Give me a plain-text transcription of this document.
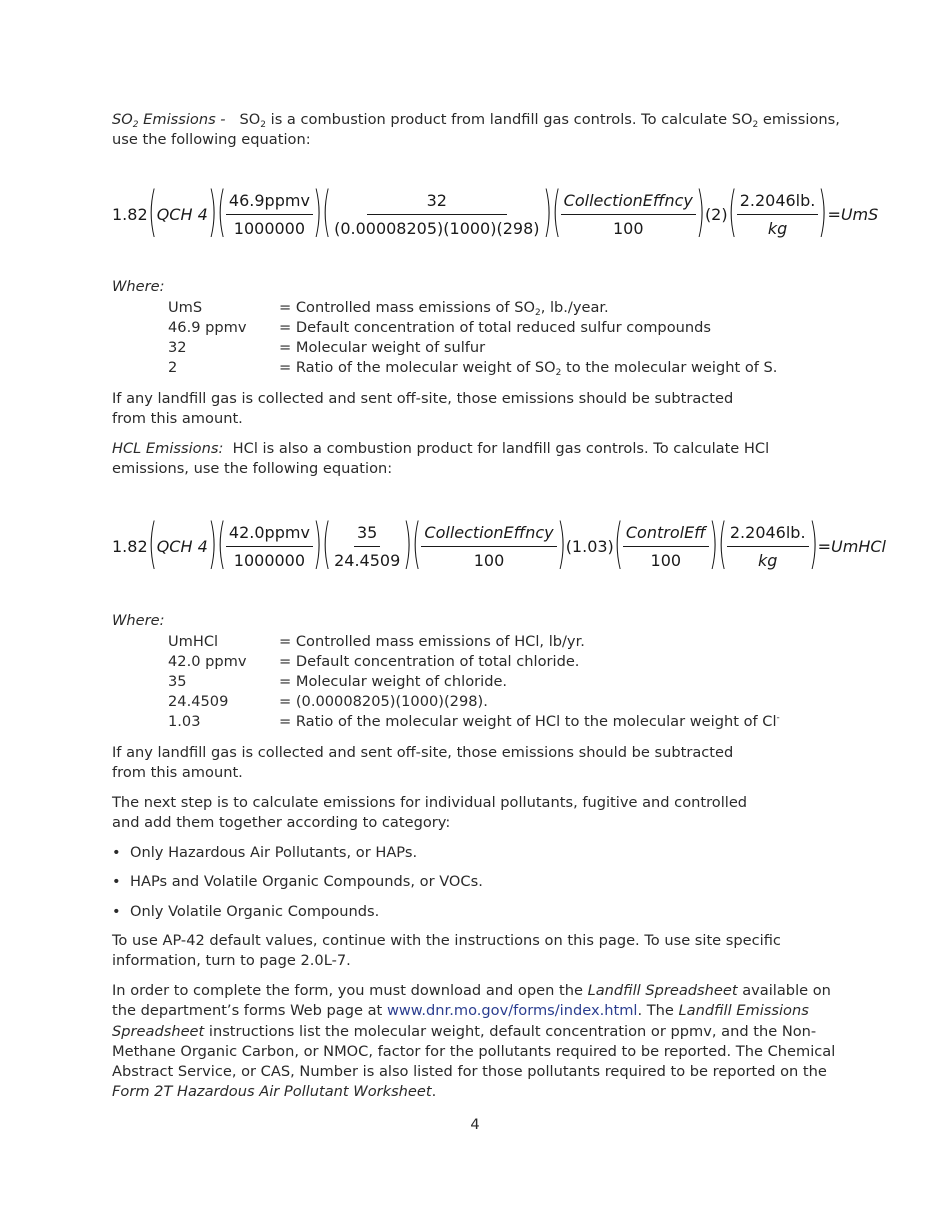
$SO_2$ Emissions - $SO_2$ is a combustion product from landfill gas controls. To calculate $SO_2$ emissions, use the following equation:
1.82 ( QCH 4 ) ( $\frac{\text{46.9ppmv}}{1000000}$ ) ( $\frac{32}{(0.00008205)(1000)(298)}$ ) ( $\frac{\text{CollectionEffncy}}{100}$ ) (2) ( $\frac{2.2046lb.}{kg}$ ) =UmS
Where:
UmS	= Controlled mass emissions of $SO_2$, lb./year.
46.9 ppmv = Default concentration of total reduced sulfur compounds
32	= Molecular weight of sulfur
2	= Ratio of the molecular weight of $SO_2$ to the molecular weight of S.
If any landfill gas is collected and sent off-site, those emissions should be subtracted from this amount.
HCL Emissions: HCl is also a combustion product for landfill gas controls. To calculate HCl emissions, use the following equation:
1.82 ( QCH 4 ) ( $\frac{\text{42.0ppmv}}{1000000}$ ) ( $\frac{35}{24.4509}$ ) ( $\frac{\text{CollectionEffncy}}{100}$ ) (1.03) ( $\frac{\text{ControlEff}}{100}$ ) ( $\frac{2.2046lb.}{kg}$ ) =UmHCl
Where:
UmHCl	= Controlled mass emissions of HCl, lb/yr.
42.0 ppmv = Default concentration of total chloride.
35	= Molecular weight of chloride.
24.4509	= (0.00008205)(1000)(298).
1.03	= Ratio of the molecular weight of HCl to the molecular weight of Cl-
If any landfill gas is collected and sent off-site, those emissions should be subtracted from this amount.
The next step is to calculate emissions for individual pollutants, fugitive and controlled and add them together according to category:
• Only Hazardous Air Pollutants, or HAPs.
• HAPs and Volatile Organic Compounds, or VOCs.
• Only Volatile Organic Compounds.
To use AP-42 default values, continue with the instructions on this page. To use site specific information, turn to page 2.0L-7.
In order to complete the form, you must download and open the Landfill Spreadsheet available on the department’s forms Web page at www.dnr.mo.gov/forms/index.html. The Landfill Emissions Spreadsheet instructions list the molecular weight, default concentration or ppmv, and the Non-Methane Organic Carbon, or NMOC, factor for the pollutants required to be reported. The Chemical Abstract Service, or CAS, Number is also listed for those pollutants required to be reported on the Form 2T Hazardous Air Pollutant Worksheet.
4
